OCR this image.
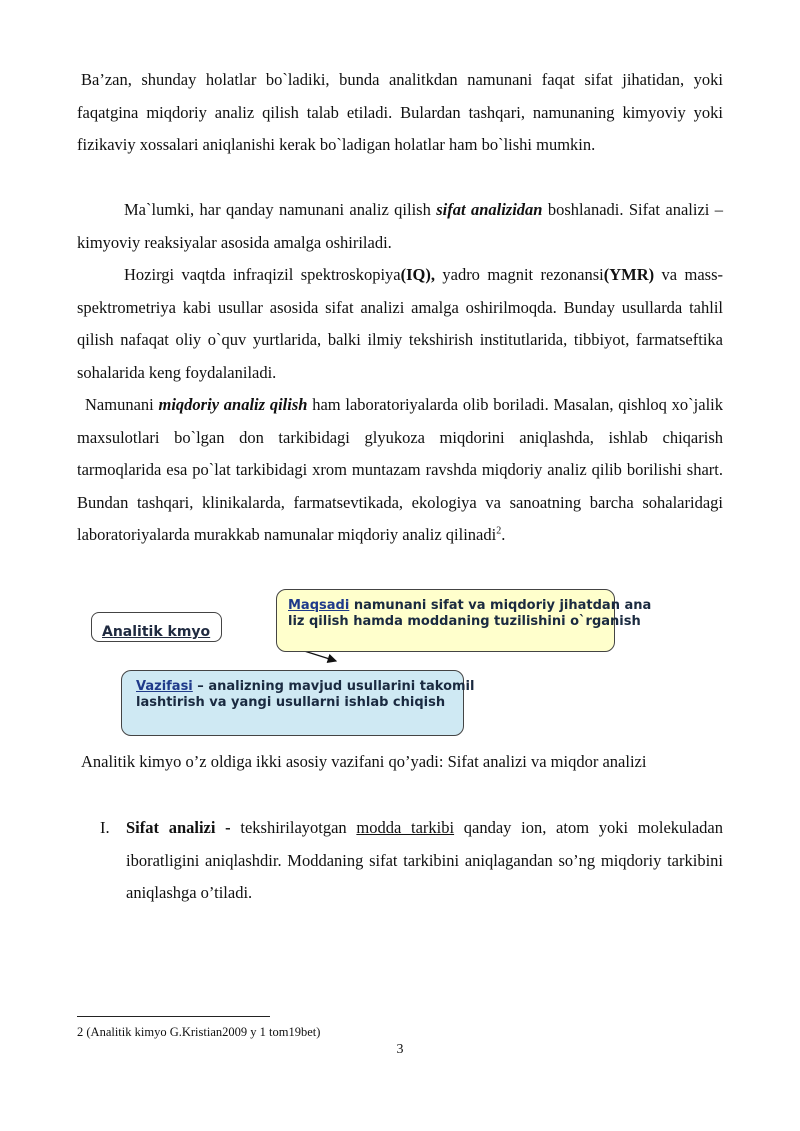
Ba’zan, shunday holatlar bo`ladiki, bunda analitkdan namunani faqat sifat jihatidan, yoki faqatgina miqdoriy analiz qilish talab etiladi. Bulardan tashqari, namunaning kimyoviy yoki fizikaviy xossalari aniqlanishi kerak bo`ladigan holatlar ham bo`lishi mumkin.

Ma`lumki, har qanday namunani analiz qilish sifat analizidan boshlanadi. Sifat analizi – kimyoviy reaksiyalar asosida amalga oshiriladi.

Hozirgi vaqtda infraqizil spektroskopiya(IQ), yadro magnit rezonansi(YMR) va mass-spektrometriya kabi usullar asosida sifat analizi amalga oshirilmoqda. Bunday usullarda tahlil qilish nafaqat oliy o`quv yurtlarida, balki ilmiy tekshirish institutlarida, tibbiyot, farmatseftika sohalarida keng foydalaniladi.

Namunani miqdoriy analiz qilish ham laboratoriyalarda olib boriladi. Masalan, qishloq xo`jalik maxsulotlari bo`lgan don tarkibidagi glyukoza miqdorini aniqlashda, ishlab chiqarish tarmoqlarida esa po`lat tarkibidagi xrom muntazam ravshda miqdoriy analiz qilib borilishi shart. Bundan tashqari, klinikalarda, farmatsevtikada, ekologiya va sanoatning barcha sohalaridagi laboratoriyalarda murakkab namunalar miqdoriy analiz qilinadi$^2$.

Analitik kmyo
Maqsadi namunani sifat va miqdoriy jihatdan ana
liz qilish hamda moddaning tuzilishini o`rganish
Vazifasi – analizning mavjud usullarini takomil
lashtirish va yangi usullarni ishlab chiqish

Analitik kimyo o’z oldiga ikki asosiy vazifani qo’yadi: Sifat analizi va miqdor analizi

I. Sifat analizi - tekshirilayotgan modda tarkibi qanday ion, atom yoki molekuladan iboratligini aniqlashdir. Moddaning sifat tarkibini aniqlagandan so’ng miqdoriy tarkibini aniqlashga o’tiladi.
2 (Analitik kimyo G.Kristian2009 y 1 tom19bet)
3
